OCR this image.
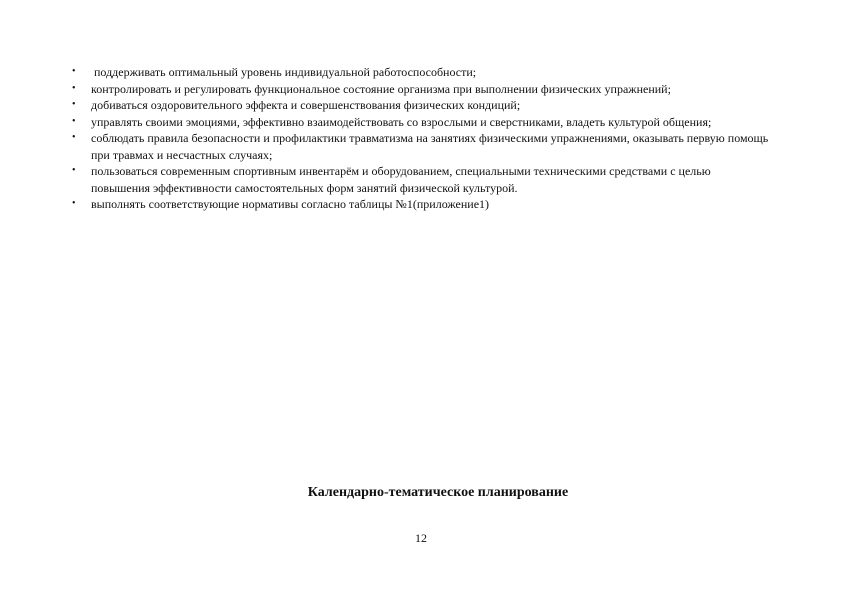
• поддерживать оптимальный уровень индивидуальной работоспособности;
• контролировать и регулировать функциональное состояние организма при выполнении физических упражнений;
• добиваться оздоровительного эффекта и совершенствования физических кондиций;
• управлять своими эмоциями, эффективно взаимодействовать со взрослыми и сверстниками, владеть культурой общения;
• соблюдать правила безопасности и профилактики травматизма на занятиях физическими упражнениями, оказывать первую помощь при травмах и несчастных случаях;
• пользоваться современным спортивным инвентарём и оборудованием, специальными техническими средствами с целью повышения эффективности самостоятельных форм занятий физической культурой.
• выполнять соответствующие нормативы согласно таблицы №1(приложение1)
Календарно-тематическое планирование
12
